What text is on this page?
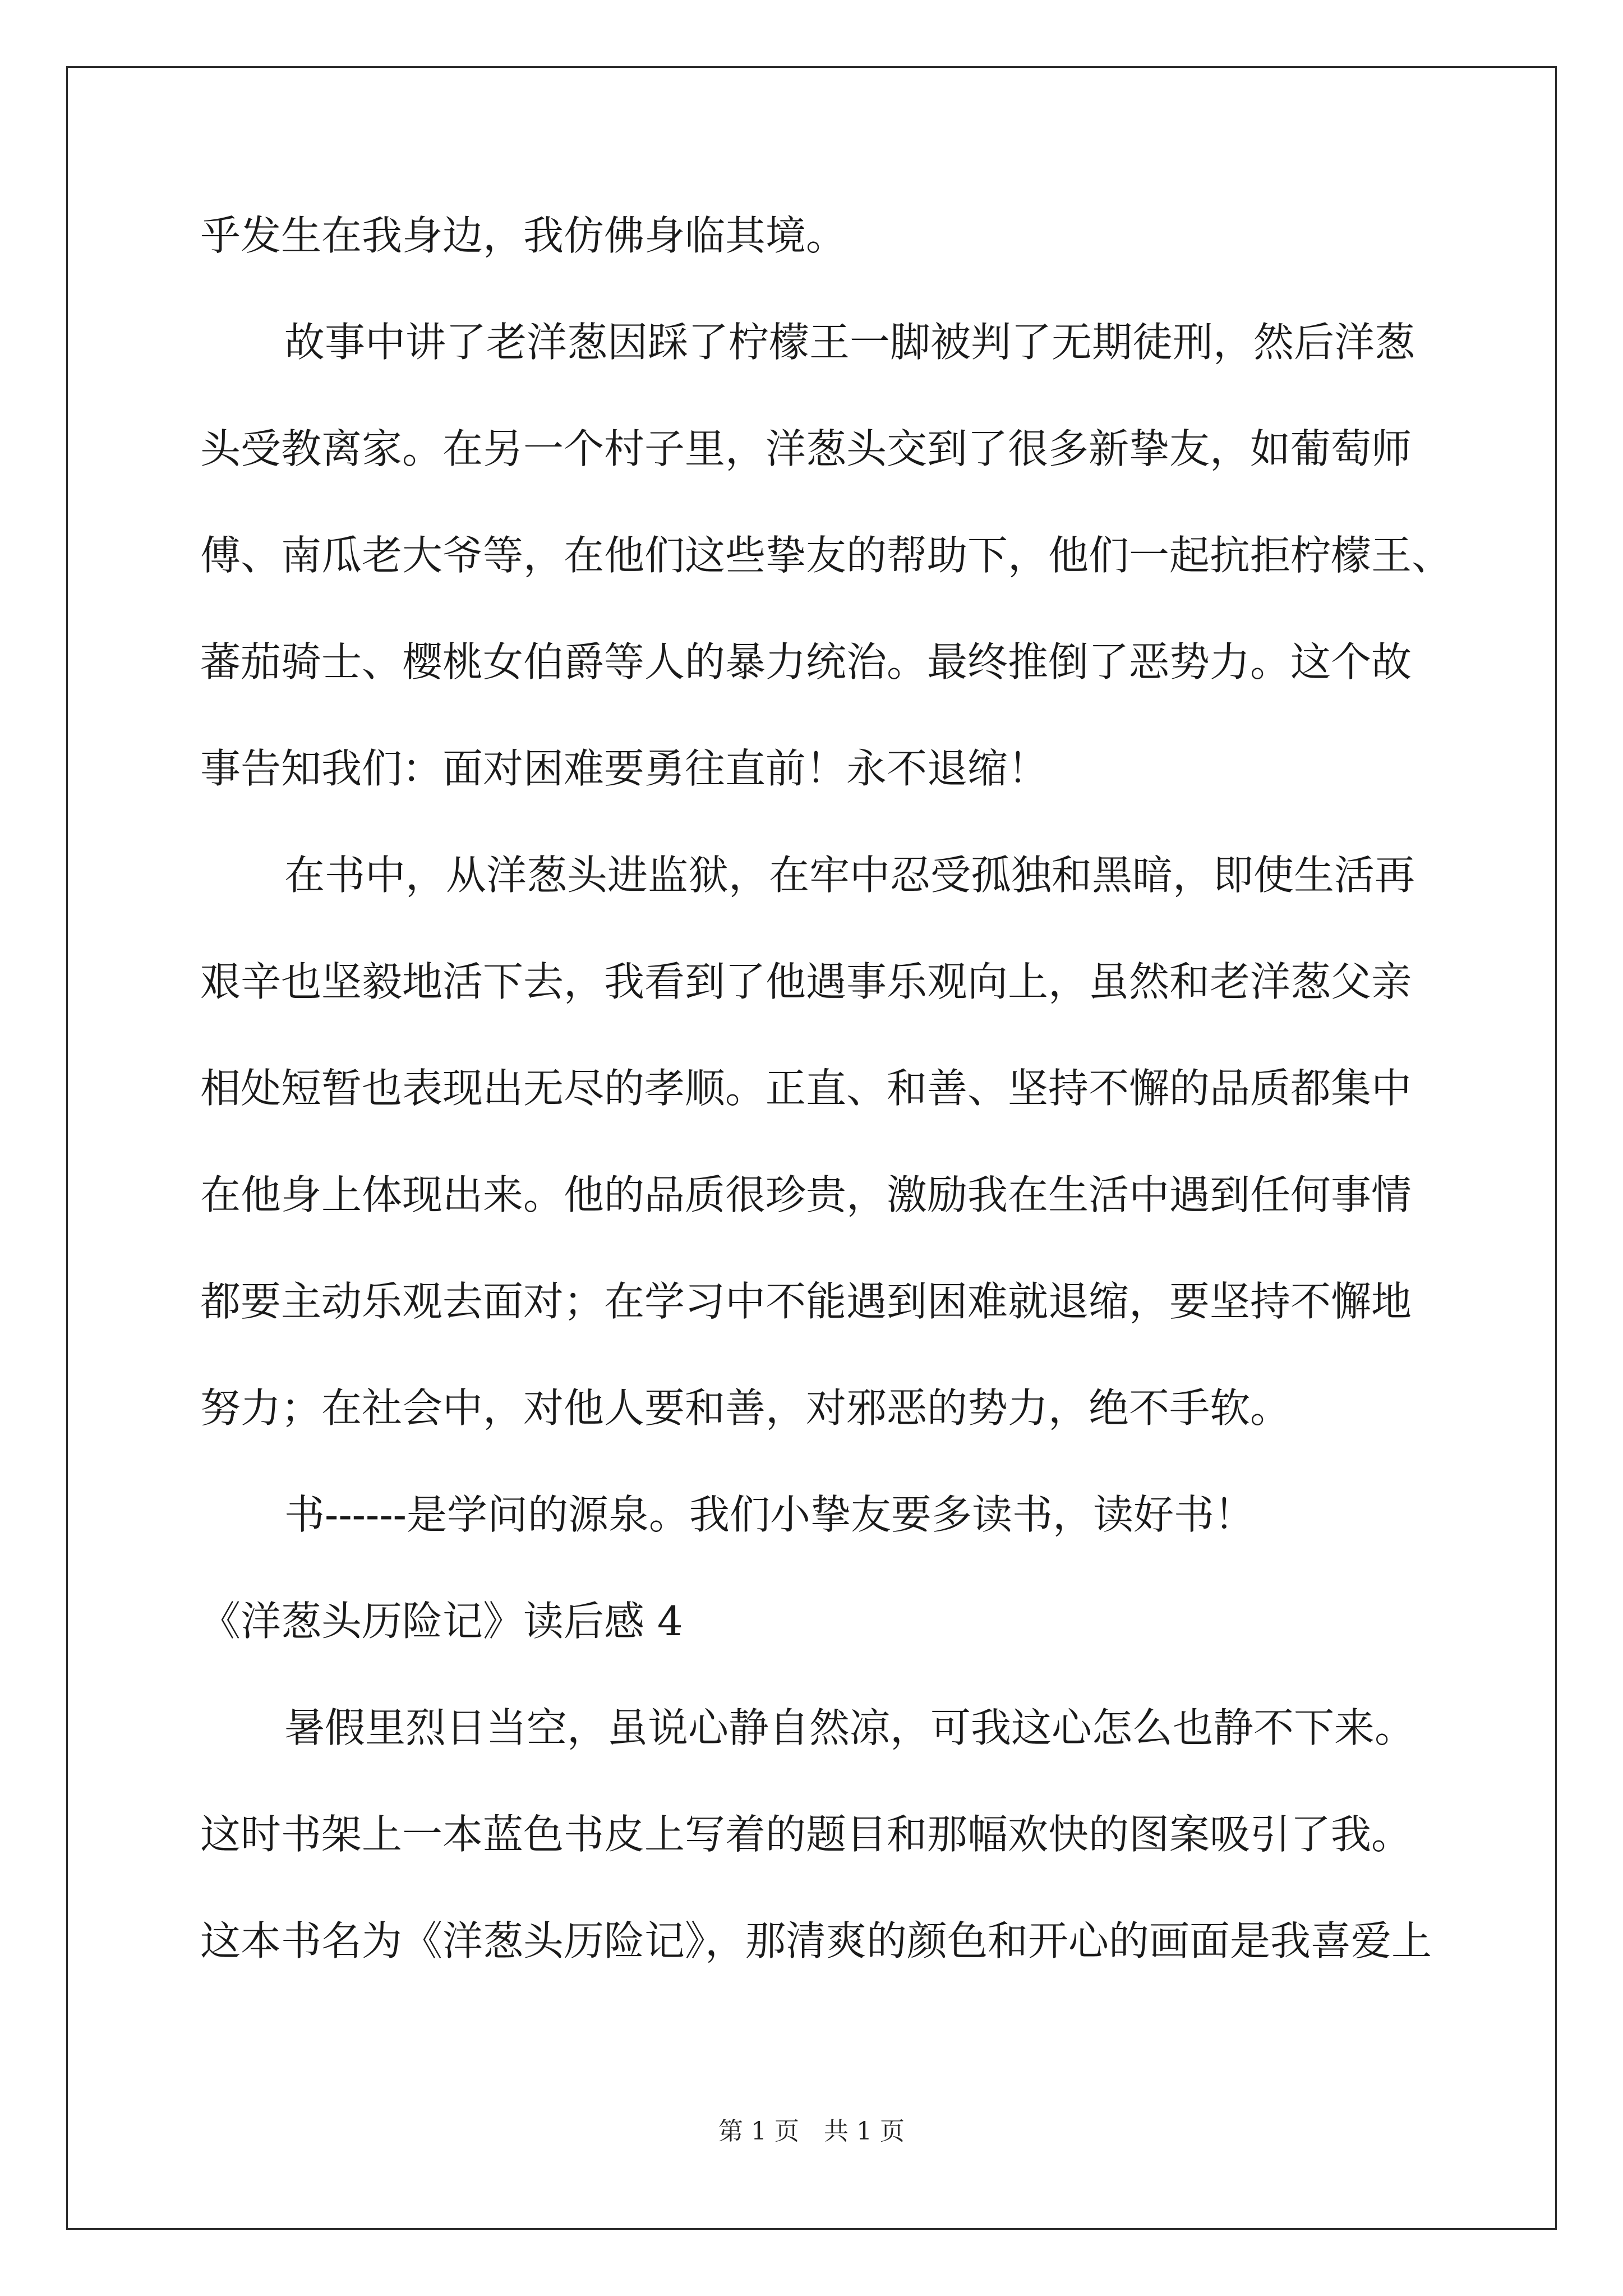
乎发生在我身边，我仿佛身临其境。
故事中讲了老洋葱因踩了柠檬王一脚被判了无期徒刑，然后洋葱
头受教离家。在另一个村子里，洋葱头交到了很多新挚友，如葡萄师
傅、南瓜老大爷等，在他们这些挚友的帮助下，他们一起抗拒柠檬王、
蕃茄骑士、樱桃女伯爵等人的暴力统治。最终推倒了恶势力。这个故
事告知我们：面对困难要勇往直前！永不退缩！
在书中，从洋葱头进监狱，在牢中忍受孤独和黑暗，即使生活再
艰辛也坚毅地活下去，我看到了他遇事乐观向上，虽然和老洋葱父亲
相处短暂也表现出无尽的孝顺。正直、和善、坚持不懈的品质都集中
在他身上体现出来。他的品质很珍贵，激励我在生活中遇到任何事情
都要主动乐观去面对；在学习中不能遇到困难就退缩，要坚持不懈地
努力；在社会中，对他人要和善，对邪恶的势力，绝不手软。
书------是学问的源泉。我们小挚友要多读书，读好书！
《洋葱头历险记》读后感 4
暑假里烈日当空，虽说心静自然凉，可我这心怎么也静不下来。
这时书架上一本蓝色书皮上写着的题目和那幅欢快的图案吸引了我。
这本书名为《洋葱头历险记》，那清爽的颜色和开心的画面是我喜爱上
第 1 页　共 1 页
